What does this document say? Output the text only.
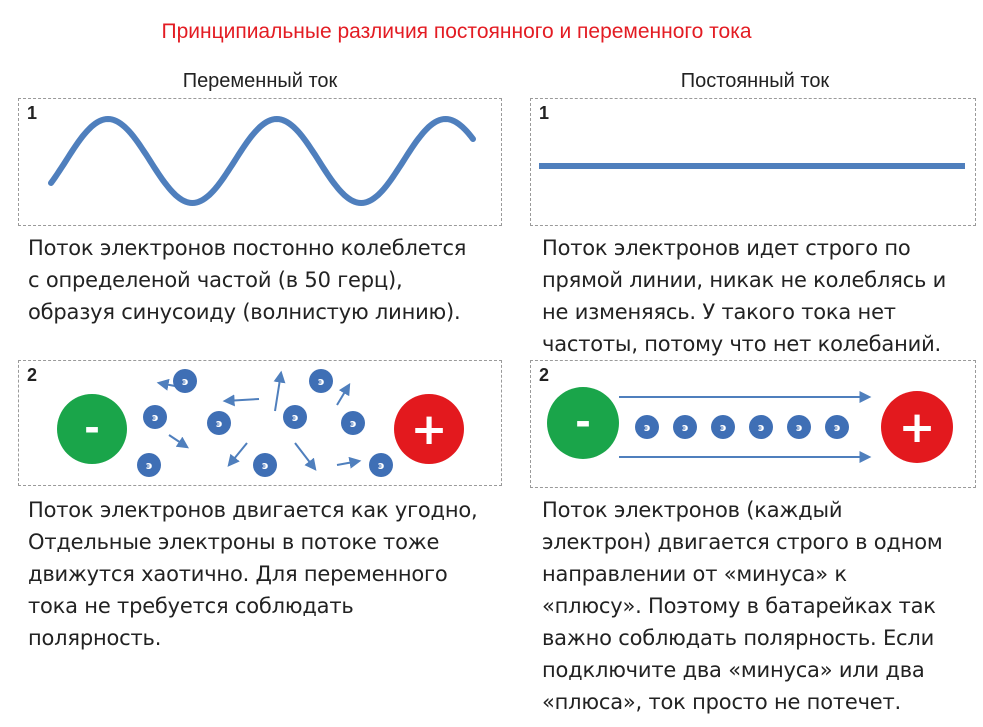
Принципиальные различия постоянного и переменного тока
Переменный ток
1

Поток электронов постонно колеблется

с определеной частой (в 50 герц),

образуя синусоиду (волнистую линию).

2
-	+
э	э
э	э	э	э
э	э	э

Поток электронов двигается как угодно,

Отдельные электроны в потоке тоже

движутся хаотично. Для переменного

тока не требуется соблюдать

полярность.

Постоянный ток
1

Поток электронов идет строго по

прямой линии, никак не колеблясь и

не изменяясь. У такого тока нет

частоты, потому что нет колебаний.

2
-	+
э	э	э	э	э	э

Поток электронов (каждый

электрон) двигается строго в одном

направлении от «минуса» к

«плюсу». Поэтому в батарейках так

важно соблюдать полярность. Если

подключите два «минуса» или два

«плюса», ток просто не потечет.
